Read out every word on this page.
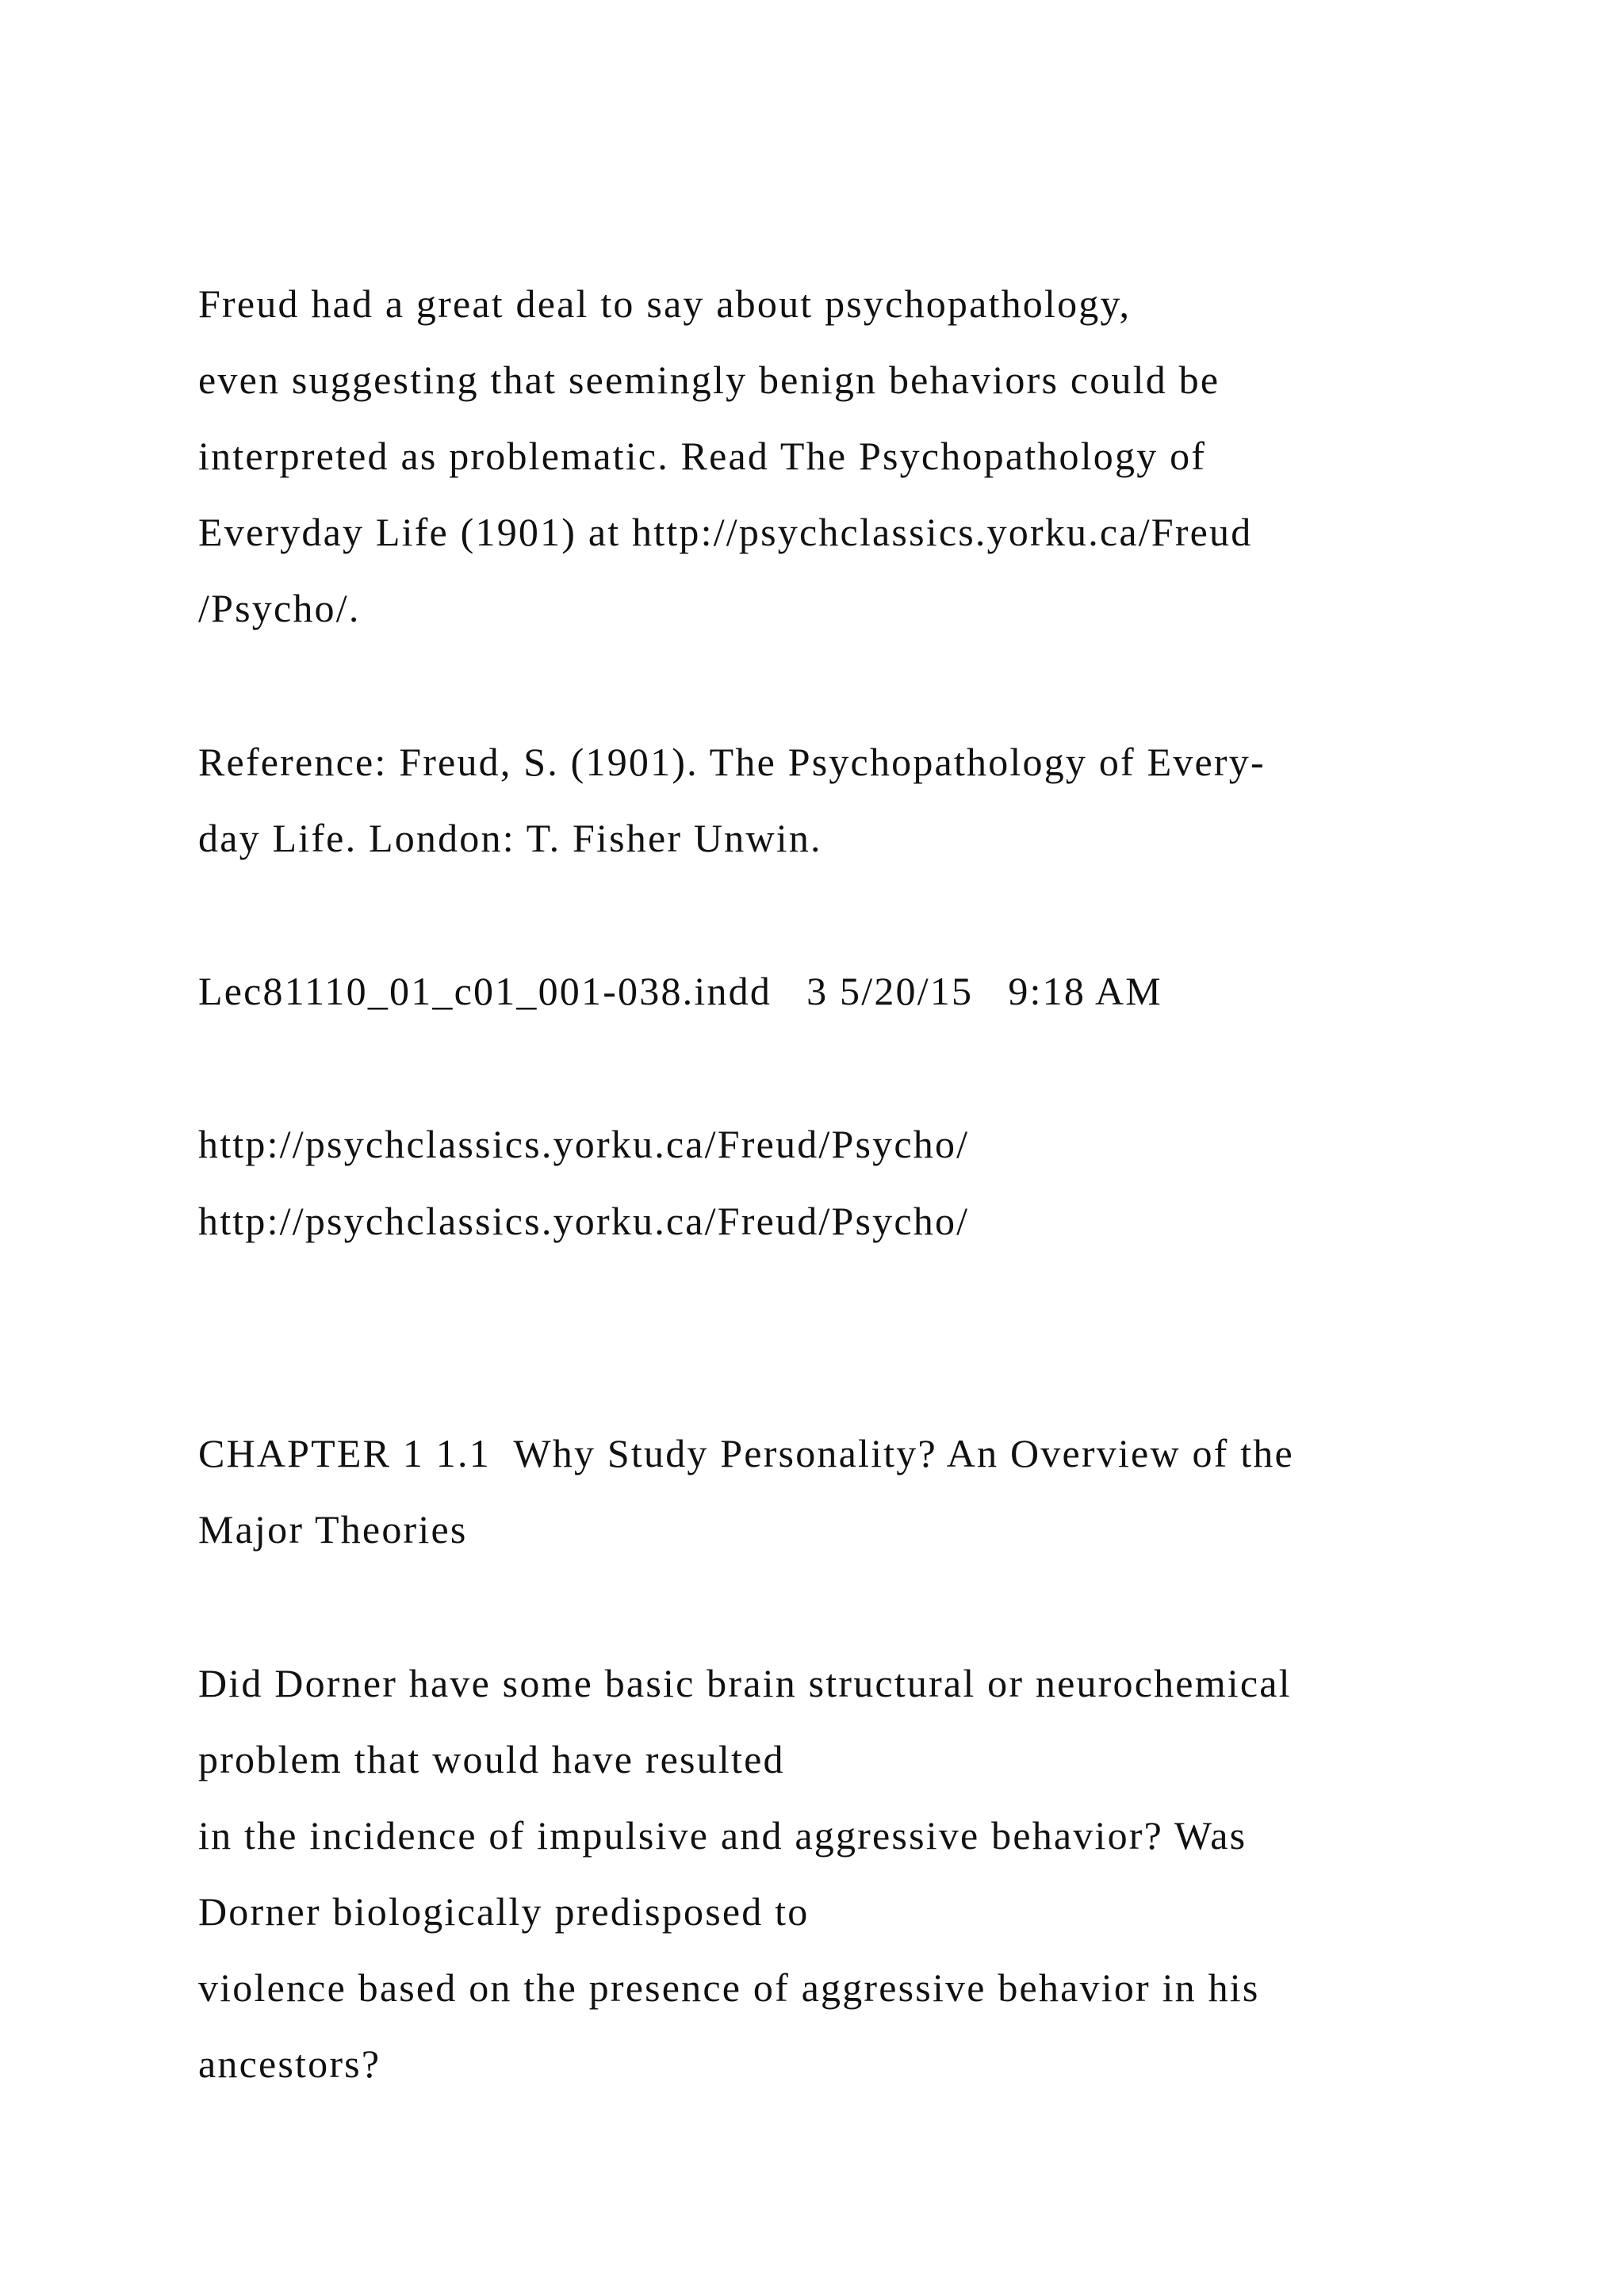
Freud had a great deal to say about psychopathology,

even suggesting that seemingly benign behaviors could be

interpreted as problematic. Read The Psychopathology of

Everyday Life (1901) at http://psychclassics.yorku.ca/Freud

/Psycho/.

Reference: Freud, S. (1901). The Psychopathology of Every-

day Life. London: T. Fisher Unwin.

Lec81110_01_c01_001-038.indd   3 5/20/15   9:18 AM

http://psychclassics.yorku.ca/Freud/Psycho/

http://psychclassics.yorku.ca/Freud/Psycho/

CHAPTER 1 1.1  Why Study Personality? An Overview of the

Major Theories

Did Dorner have some basic brain structural or neurochemical

problem that would have resulted

in the incidence of impulsive and aggressive behavior? Was

Dorner biologically predisposed to

violence based on the presence of aggressive behavior in his

ancestors?
